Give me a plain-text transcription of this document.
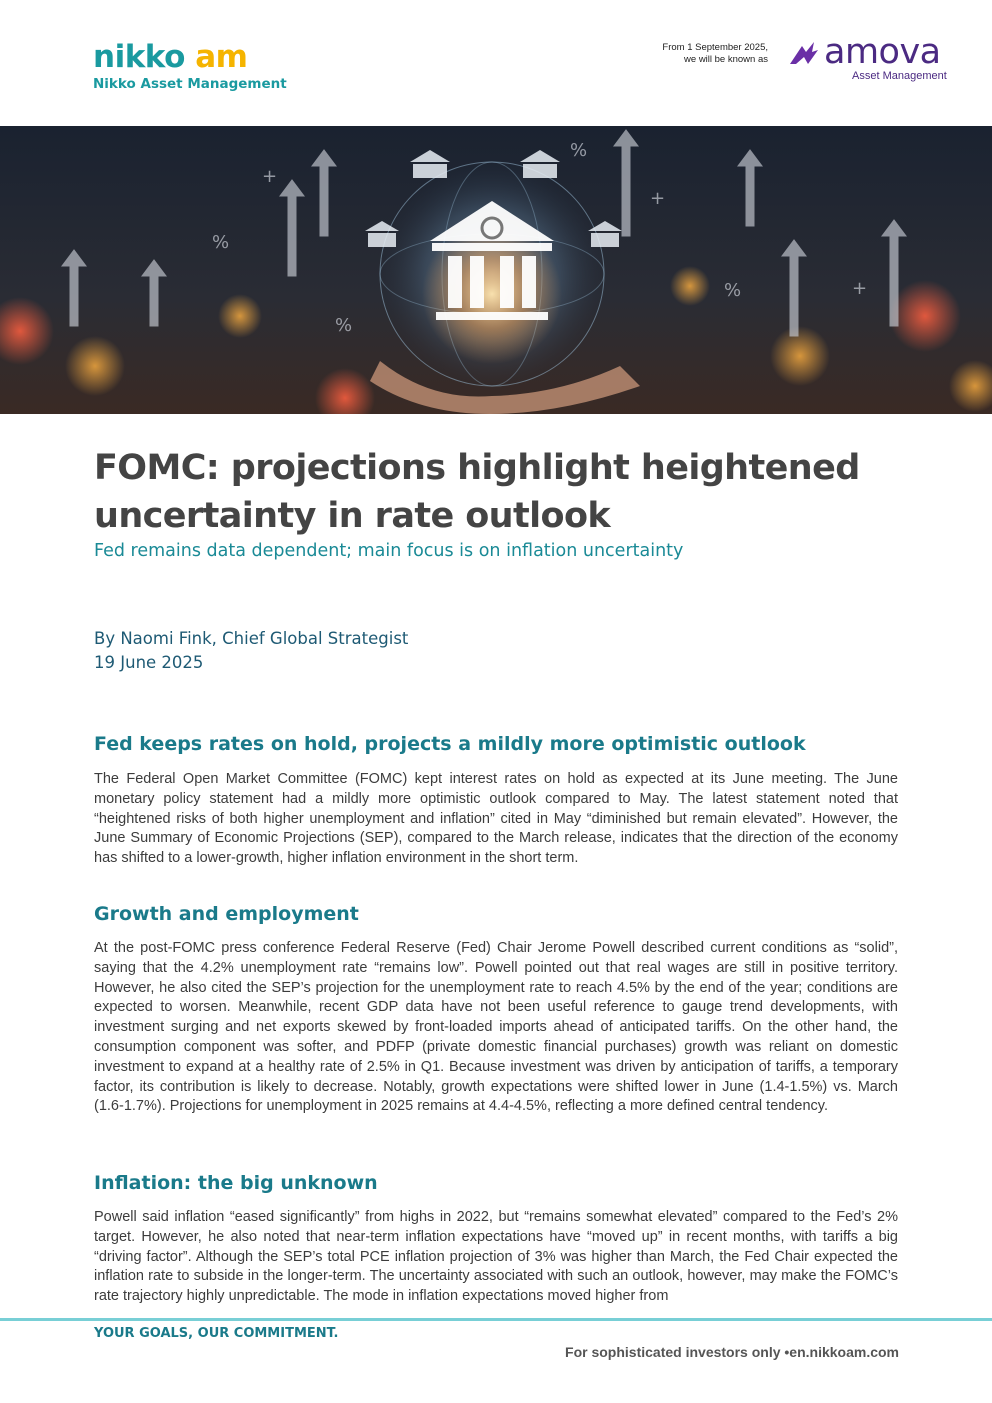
nikko am
Nikko Asset Management
From 1 September 2025,
we will be known as amova
Asset Management
%
%
%
%
+
+
+
FOMC: projections highlight heightened uncertainty in rate outlook
Fed remains data dependent; main focus is on inflation uncertainty
By Naomi Fink, Chief Global Strategist
19 June 2025
Fed keeps rates on hold, projects a mildly more optimistic outlook

The Federal Open Market Committee (FOMC) kept interest rates on hold as expected at its June meeting. The June monetary policy statement had a mildly more optimistic outlook compared to May. The latest statement noted that “heightened risks of both higher unemployment and inflation” cited in May “diminished but remain elevated”. However, the June Summary of Economic Projections (SEP), compared to the March release, indicates that the direction of the economy has shifted to a lower-growth, higher inflation environment in the short term.

Growth and employment

At the post-FOMC press conference Federal Reserve (Fed) Chair Jerome Powell described current conditions as “solid”, saying that the 4.2% unemployment rate “remains low”. Powell pointed out that real wages are still in positive territory. However, he also cited the SEP’s projection for the unemployment rate to reach 4.5% by the end of the year; conditions are expected to worsen. Meanwhile, recent GDP data have not been useful reference to gauge trend developments, with investment surging and net exports skewed by front-loaded imports ahead of anticipated tariffs. On the other hand, the consumption component was softer, and PDFP (private domestic financial purchases) growth was reliant on domestic investment to expand at a healthy rate of 2.5% in Q1. Because investment was driven by anticipation of tariffs, a temporary factor, its contribution is likely to decrease. Notably, growth expectations were shifted lower in June (1.4-1.5%) vs. March (1.6-1.7%). Projections for unemployment in 2025 remains at 4.4-4.5%, reflecting a more defined central tendency.

Inflation: the big unknown

Powell said inflation “eased significantly” from highs in 2022, but “remains somewhat elevated” compared to the Fed’s 2% target. However, he also noted that near-term inflation expectations have “moved up” in recent months, with tariffs a big “driving factor”. Although the SEP’s total PCE inflation projection of 3% was higher than March, the Fed Chair expected the inflation rate to subside in the longer-term. The uncertainty associated with such an outlook, however, may make the FOMC’s rate trajectory highly unpredictable. The mode in inflation expectations moved higher from

YOUR GOALS, OUR COMMITMENT.
For sophisticated investors only •en.nikkoam.com
